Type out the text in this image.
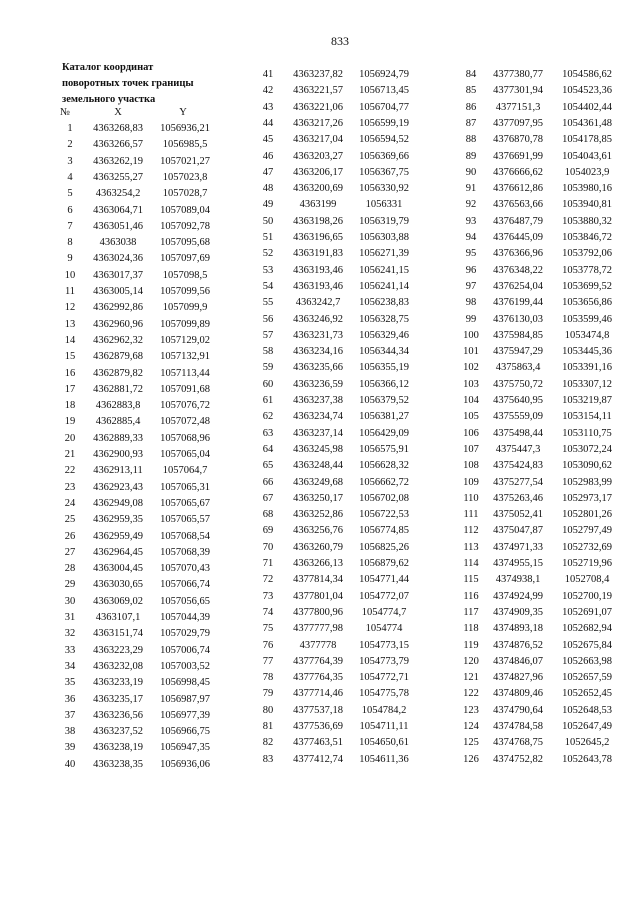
833
Каталог координат
поворотных точек границы
земельного участка
№	X	Y
1	4363268,83	1056936,21
2	4363266,57	1056985,5
3	4363262,19	1057021,27
4	4363255,27	1057023,8
5	4363254,2	1057028,7
6	4363064,71	1057089,04
7	4363051,46	1057092,78
8	4363038	1057095,68
9	4363024,36	1057097,69
10	4363017,37	1057098,5
11	4363005,14	1057099,56
12	4362992,86	1057099,9
13	4362960,96	1057099,89
14	4362962,32	1057129,02
15	4362879,68	1057132,91
16	4362879,82	1057113,44
17	4362881,72	1057091,68
18	4362883,8	1057076,72
19	4362885,4	1057072,48
20	4362889,33	1057068,96
21	4362900,93	1057065,04
22	4362913,11	1057064,7
23	4362923,43	1057065,31
24	4362949,08	1057065,67
25	4362959,35	1057065,57
26	4362959,49	1057068,54
27	4362964,45	1057068,39
28	4363004,45	1057070,43
29	4363030,65	1057066,74
30	4363069,02	1057056,65
31	4363107,1	1057044,39
32	4363151,74	1057029,79
33	4363223,29	1057006,74
34	4363232,08	1057003,52
35	4363233,19	1056998,45
36	4363235,17	1056987,97
37	4363236,56	1056977,39
38	4363237,52	1056966,75
39	4363238,19	1056947,35
40	4363238,35	1056936,06
41	4363237,82	1056924,79
42	4363221,57	1056713,45
43	4363221,06	1056704,77
44	4363217,26	1056599,19
45	4363217,04	1056594,52
46	4363203,27	1056369,66
47	4363206,17	1056367,75
48	4363200,69	1056330,92
49	4363199	1056331
50	4363198,26	1056319,79
51	4363196,65	1056303,88
52	4363191,83	1056271,39
53	4363193,46	1056241,15
54	4363193,46	1056241,14
55	4363242,7	1056238,83
56	4363246,92	1056328,75
57	4363231,73	1056329,46
58	4363234,16	1056344,34
59	4363235,66	1056355,19
60	4363236,59	1056366,12
61	4363237,38	1056379,52
62	4363234,74	1056381,27
63	4363237,14	1056429,09
64	4363245,98	1056575,91
65	4363248,44	1056628,32
66	4363249,68	1056662,72
67	4363250,17	1056702,08
68	4363252,86	1056722,53
69	4363256,76	1056774,85
70	4363260,79	1056825,26
71	4363266,13	1056879,62
72	4377814,34	1054771,44
73	4377801,04	1054772,07
74	4377800,96	1054774,7
75	4377777,98	1054774
76	4377778	1054773,15
77	4377764,39	1054773,79
78	4377764,35	1054772,71
79	4377714,46	1054775,78
80	4377537,18	1054784,2
81	4377536,69	1054711,11
82	4377463,51	1054650,61
83	4377412,74	1054611,36
84	4377380,77	1054586,62
85	4377301,94	1054523,36
86	4377151,3	1054402,44
87	4377097,95	1054361,48
88	4376870,78	1054178,85
89	4376691,99	1054043,61
90	4376666,62	1054023,9
91	4376612,86	1053980,16
92	4376563,66	1053940,81
93	4376487,79	1053880,32
94	4376445,09	1053846,72
95	4376366,96	1053792,06
96	4376348,22	1053778,72
97	4376254,04	1053699,52
98	4376199,44	1053656,86
99	4376130,03	1053599,46
100	4375984,85	1053474,8
101	4375947,29	1053445,36
102	4375863,4	1053391,16
103	4375750,72	1053307,12
104	4375640,95	1053219,87
105	4375559,09	1053154,11
106	4375498,44	1053110,75
107	4375447,3	1053072,24
108	4375424,83	1053090,62
109	4375277,54	1052983,99
110	4375263,46	1052973,17
111	4375052,41	1052801,26
112	4375047,87	1052797,49
113	4374971,33	1052732,69
114	4374955,15	1052719,96
115	4374938,1	1052708,4
116	4374924,99	1052700,19
117	4374909,35	1052691,07
118	4374893,18	1052682,94
119	4374876,52	1052675,84
120	4374846,07	1052663,98
121	4374827,96	1052657,59
122	4374809,46	1052652,45
123	4374790,64	1052648,53
124	4374784,58	1052647,49
125	4374768,75	1052645,2
126	4374752,82	1052643,78
